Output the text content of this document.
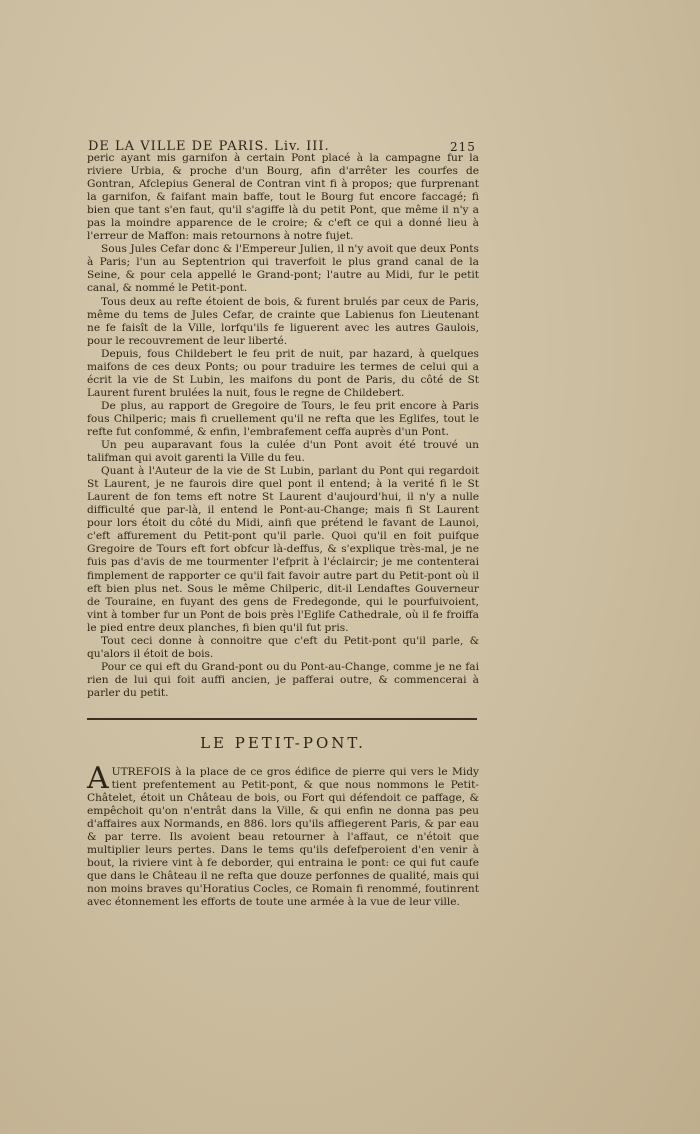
DE LA VILLE DE PARIS. Liv. III.	215

peric ayant mis garnifon à certain Pont placé à la campagne fur la riviere Urbia, & proche d'un Bourg, afin d'arrêter les courfes de Gontran, Afclepius General de Contran vint fi à propos; que furprenant la garnifon, & faifant main baffe, tout le Bourg fut encore faccagé; fi bien que tant s'en faut, qu'il s'agiffe là du petit Pont, que même il n'y a pas la moindre apparence de le croire; & c'eft ce qui a donné lieu à l'erreur de Maffon: mais retournons à notre fujet.

Sous Jules Cefar donc & l'Empereur Julien, il n'y avoit que deux Ponts à Paris; l'un au Septentrion qui traverfoit le plus grand canal de la Seine, & pour cela appellé le Grand-pont; l'autre au Midi, fur le petit canal, & nommé le Petit-pont.

Tous deux au refte étoient de bois, & furent brulés par ceux de Paris, même du tems de Jules Cefar, de crainte que Labienus fon Lieutenant ne fe faisît de la Ville, lorfqu'ils fe liguerent avec les autres Gaulois, pour le recouvrement de leur liberté.

Depuis, fous Childebert le feu prit de nuit, par hazard, à quelques maifons de ces deux Ponts; ou pour traduire les termes de celui qui a écrit la vie de St Lubin, les maifons du pont de Paris, du côté de St Laurent furent brulées la nuit, fous le regne de Childebert.

De plus, au rapport de Gregoire de Tours, le feu prit encore à Paris fous Chilperic; mais fi cruellement qu'il ne refta que les Eglifes, tout le refte fut confommé, & enfin, l'embrafement ceffa auprès d'un Pont.

Un peu auparavant fous la culée d'un Pont avoit été trouvé un talifman qui avoit garenti la Ville du feu.

Quant à l'Auteur de la vie de St Lubin, parlant du Pont qui regardoit St Laurent, je ne faurois dire quel pont il entend; à la verité fi le St Laurent de fon tems eft notre St Laurent d'aujourd'hui, il n'y a nulle difficulté que par-là, il entend le Pont-au-Change; mais fi St Laurent pour lors étoit du côté du Midi, ainfi que prétend le favant de Launoi, c'eft affurement du Petit-pont qu'il parle. Quoi qu'il en foit puifque Gregoire de Tours eft fort obfcur là-deffus, & s'explique très-mal, je ne fuis pas d'avis de me tourmenter l'efprit à l'éclaircir; je me contenterai fimplement de rapporter ce qu'il fait favoir autre part du Petit-pont où il eft bien plus net. Sous le même Chilperic, dit-il Lendaftes Gouverneur de Touraine, en fuyant des gens de Fredegonde, qui le pourfuivoient, vint à tomber fur un Pont de bois près l'Eglife Cathedrale, où il fe froiffa le pied entre deux planches, fi bien qu'il fut pris.

Tout ceci donne à connoitre que c'eft du Petit-pont qu'il parle, & qu'alors il étoit de bois.

Pour ce qui eft du Grand-pont ou du Pont-au-Change, comme je ne fai rien de lui qui foit auffi ancien, je pafferai outre, & commencerai à parler du petit.

LE PETIT-PONT.
A UTREFOIS à la place de ce gros édifice de pierre qui vers le Midy tient prefentement au Petit-pont, & que nous nommons le Petit-Châtelet, étoit un Château de bois, ou Fort qui défendoit ce paffage, & empêchoit qu'on n'entrât dans la Ville, & qui enfin ne donna pas peu d'affaires aux Normands, en 886. lors qu'ils affiegerent Paris, & par eau & par terre. Ils avoient beau retourner à l'affaut, ce n'étoit que multiplier leurs pertes. Dans le tems qu'ils defefperoient d'en venir à bout, la riviere vint à fe deborder, qui entraina le pont: ce qui fut caufe que dans le Château il ne refta que douze perfonnes de qualité, mais qui non moins braves qu'Horatius Cocles, ce Romain fi renommé, foutinrent avec étonnement les efforts de toute une armée à la vue de leur ville.
